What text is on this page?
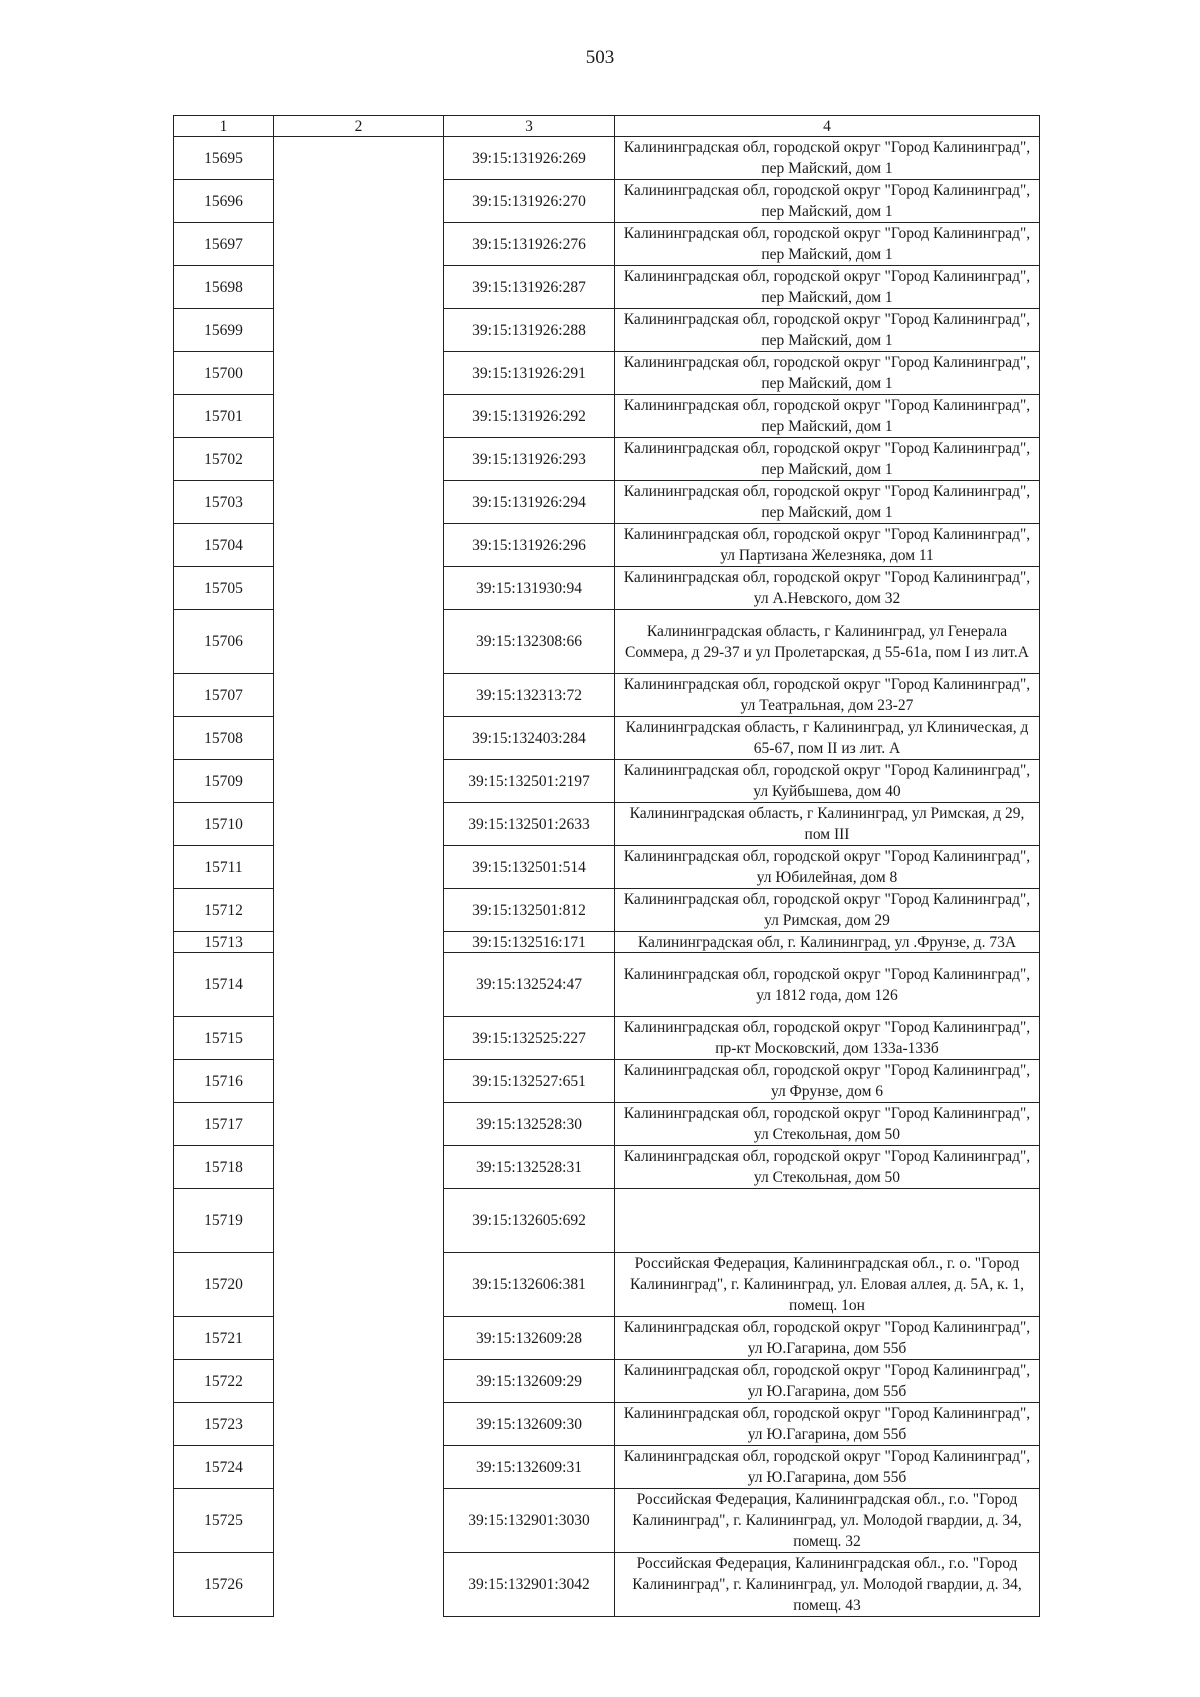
503
1	2	3	4
15695		39:15:131926:269	Калининградская обл, городской округ "Город Калининград", пер Майский, дом 1
15696		39:15:131926:270	Калининградская обл, городской округ "Город Калининград", пер Майский, дом 1
15697		39:15:131926:276	Калининградская обл, городской округ "Город Калининград", пер Майский, дом 1
15698		39:15:131926:287	Калининградская обл, городской округ "Город Калининград", пер Майский, дом 1
15699		39:15:131926:288	Калининградская обл, городской округ "Город Калининград", пер Майский, дом 1
15700		39:15:131926:291	Калининградская обл, городской округ "Город Калининград", пер Майский, дом 1
15701		39:15:131926:292	Калининградская обл, городской округ "Город Калининград", пер Майский, дом 1
15702		39:15:131926:293	Калининградская обл, городской округ "Город Калининград", пер Майский, дом 1
15703		39:15:131926:294	Калининградская обл, городской округ "Город Калининград", пер Майский, дом 1
15704		39:15:131926:296	Калининградская обл, городской округ "Город Калининград", ул Партизана Железняка, дом 11
15705		39:15:131930:94	Калининградская обл, городской округ "Город Калининград", ул А.Невского, дом 32
15706		39:15:132308:66	Калининградская область, г Калининград, ул Генерала Соммера, д 29-37 и ул Пролетарская, д 55-61а, пом I из лит.А
15707		39:15:132313:72	Калининградская обл, городской округ "Город Калининград", ул Театральная, дом 23-27
15708		39:15:132403:284	Калининградская область, г Калининград, ул Клиническая, д 65-67, пом II из лит. А
15709		39:15:132501:2197	Калининградская обл, городской округ "Город Калининград", ул Куйбышева, дом 40
15710		39:15:132501:2633	Калининградская область, г Калининград, ул Римская, д 29, пом III
15711		39:15:132501:514	Калининградская обл, городской округ "Город Калининград", ул Юбилейная, дом 8
15712		39:15:132501:812	Калининградская обл, городской округ "Город Калининград", ул Римская, дом 29
15713		39:15:132516:171	Калининградская обл, г. Калининград, ул .Фрунзе, д. 73А
15714		39:15:132524:47	Калининградская обл, городской округ "Город Калининград", ул 1812 года, дом 126
15715		39:15:132525:227	Калининградская обл, городской округ "Город Калининград", пр-кт Московский, дом 133а-133б
15716		39:15:132527:651	Калининградская обл, городской округ "Город Калининград", ул Фрунзе, дом 6
15717		39:15:132528:30	Калининградская обл, городской округ "Город Калининград", ул Стекольная, дом 50
15718		39:15:132528:31	Калининградская обл, городской округ "Город Калининград", ул Стекольная, дом 50
15719		39:15:132605:692	
15720		39:15:132606:381	Российская Федерация, Калининградская обл., г. о. "Город Калининград", г. Калининград, ул. Еловая аллея, д. 5А, к. 1, помещ. 1он
15721		39:15:132609:28	Калининградская обл, городской округ "Город Калининград", ул Ю.Гагарина, дом 55б
15722		39:15:132609:29	Калининградская обл, городской округ "Город Калининград", ул Ю.Гагарина, дом 55б
15723		39:15:132609:30	Калининградская обл, городской округ "Город Калининград", ул Ю.Гагарина, дом 55б
15724		39:15:132609:31	Калининградская обл, городской округ "Город Калининград", ул Ю.Гагарина, дом 55б
15725		39:15:132901:3030	Российская Федерация, Калининградская обл., г.о. "Город Калининград", г. Калининград, ул. Молодой гвардии, д. 34, помещ. 32
15726		39:15:132901:3042	Российская Федерация, Калининградская обл., г.о. "Город Калининград", г. Калининград, ул. Молодой гвардии, д. 34, помещ. 43
